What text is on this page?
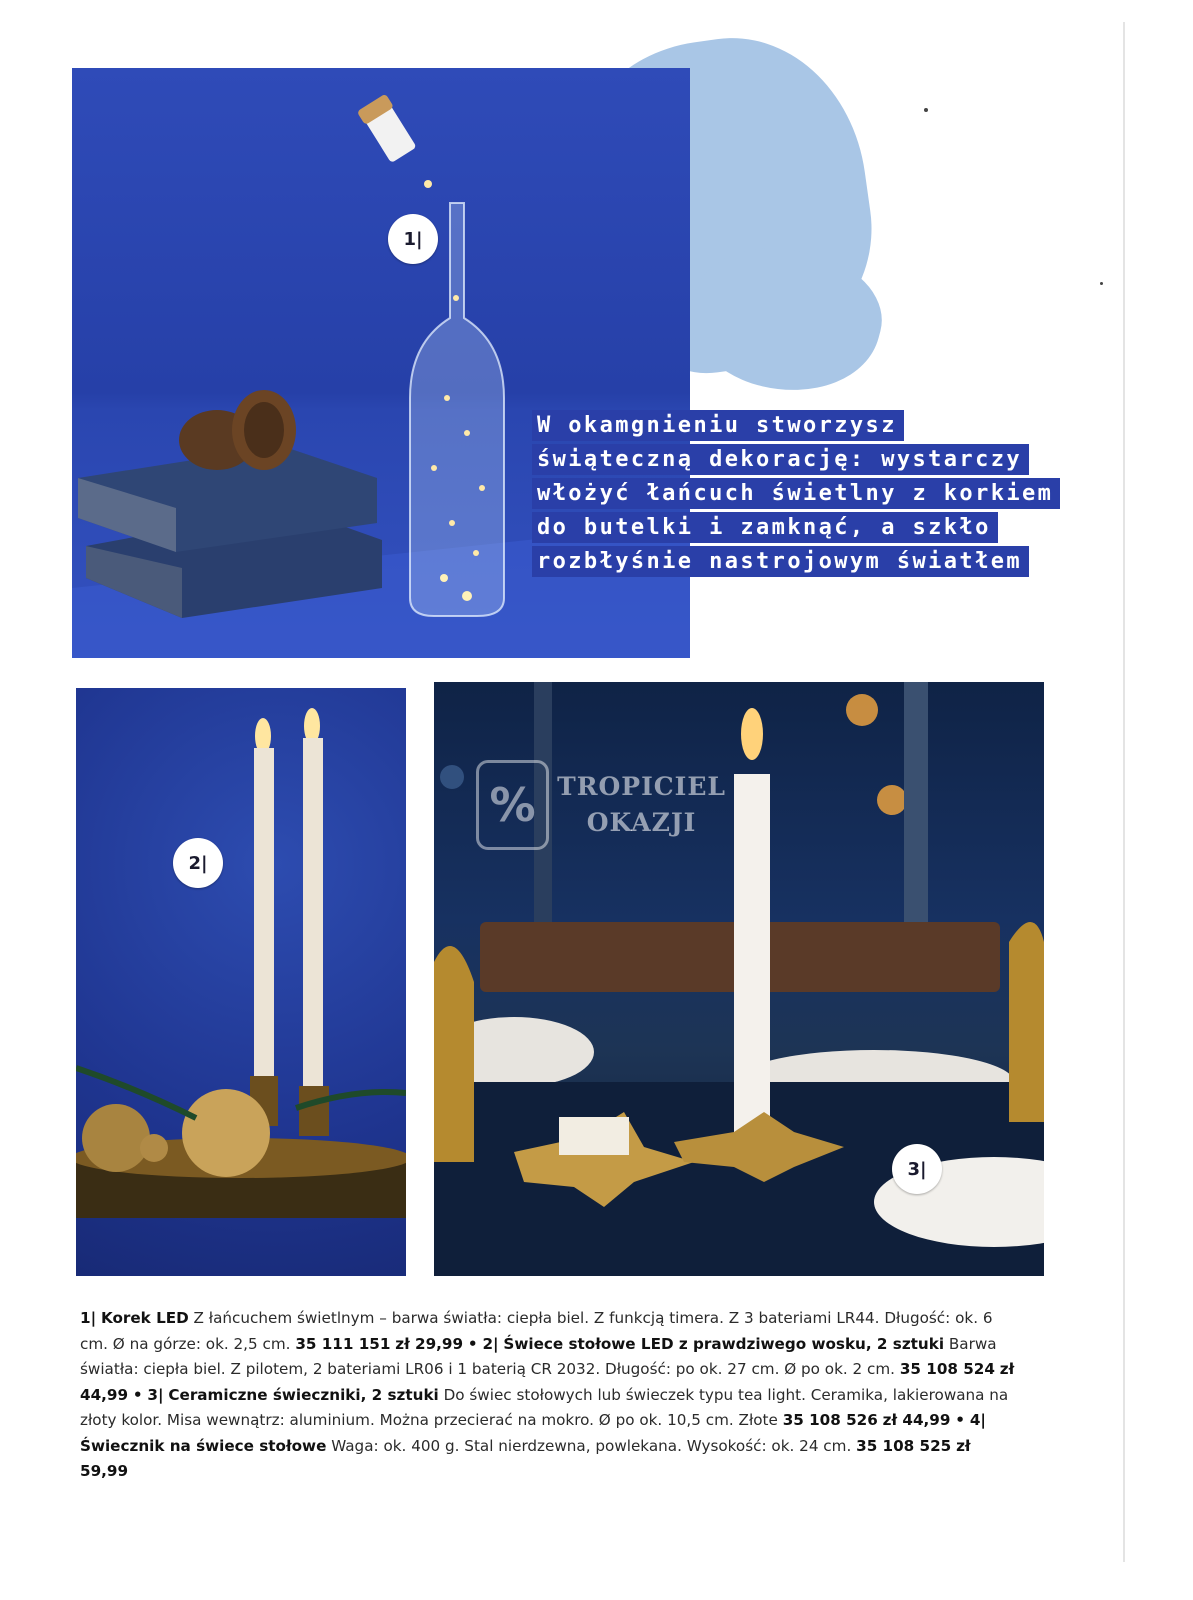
1|
W okamgnieniu stworzysz
świąteczną dekorację: wystarczy
włożyć łańcuch świetlny z korkiem
do butelki i zamknąć, a szkło
rozbłyśnie nastrojowym światłem
2|
% TROPICIEL
OKAZJI
3|
1| Korek LED Z łańcuchem świetlnym – barwa światła: ciepła biel. Z funkcją timera. Z 3 bateriami LR44. Długość: ok. 6 cm. Ø na górze: ok. 2,5 cm. 35 111 151 zł 29,99 • 2| Świece stołowe LED z prawdziwego wosku, 2 sztuki Barwa światła: ciepła biel. Z pilotem, 2 bateriami LR06 i 1 baterią CR 2032. Długość: po ok. 27 cm. Ø po ok. 2 cm. 35 108 524 zł 44,99 • 3| Ceramiczne świeczniki, 2 sztuki Do świec stołowych lub świeczek typu tea light. Ceramika, lakierowana na złoty kolor. Misa wewnątrz: aluminium. Można przecierać na mokro. Ø po ok. 10,5 cm. Złote 35 108 526 zł 44,99 • 4| Świecznik na świece stołowe Waga: ok. 400 g. Stal nierdzewna, powlekana. Wysokość: ok. 24 cm. 35 108 525 zł 59,99
